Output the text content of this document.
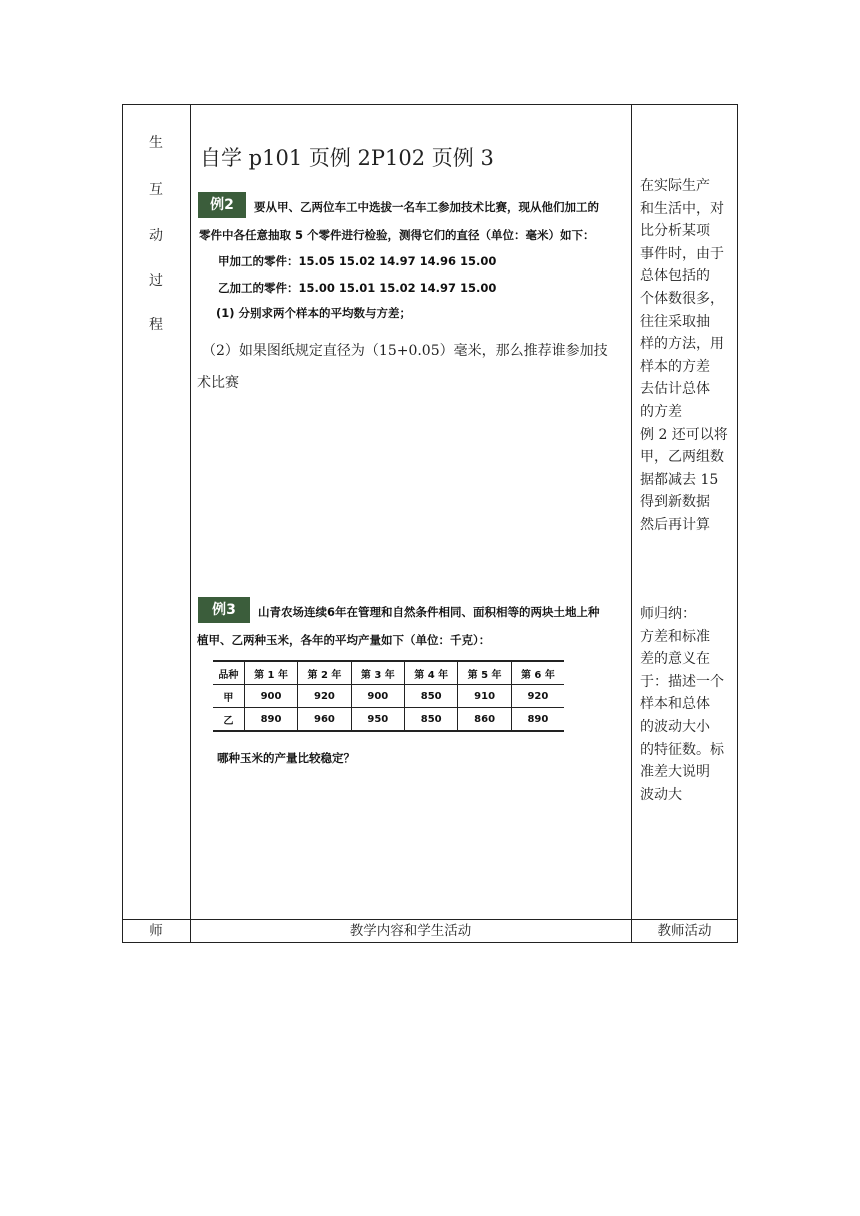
生
互
动
过
程
自学 p101 页例 2P102 页例 3
例2	要从甲、乙两位车工中选拔一名车工参加技术比赛，现从他们加工的
零件中各任意抽取 5 个零件进行检验，测得它们的直径（单位：毫米）如下：
甲加工的零件：15.05 15.02 14.97 14.96 15.00
乙加工的零件：15.00 15.01 15.02 14.97 15.00
(1) 分别求两个样本的平均数与方差；
（2）如果图纸规定直径为（15+0.05）毫米，那么推荐谁参加技
术比赛
例3	山青农场连续6年在管理和自然条件相同、面积相等的两块土地上种
植甲、乙两种玉米，各年的平均产量如下（单位：千克）：
品种	第 1 年	第 2 年	第 3 年	第 4 年	第 5 年	第 6 年
甲	900	920	900	850	910	920
乙	890	960	950	850	860	890
哪种玉米的产量比较稳定？
在实际生产
和生活中，对
比分析某项
事件时，由于
总体包括的
个体数很多，
往往采取抽
样的方法，用
样本的方差
去估计总体
的方差
例 2 还可以将
甲，乙两组数
据都减去 15
得到新数据
然后再计算
师归纳：
方差和标准
差的意义在
于：描述一个
样本和总体
的波动大小
的特征数。标
准差大说明
波动大
师	教学内容和学生活动	教师活动
